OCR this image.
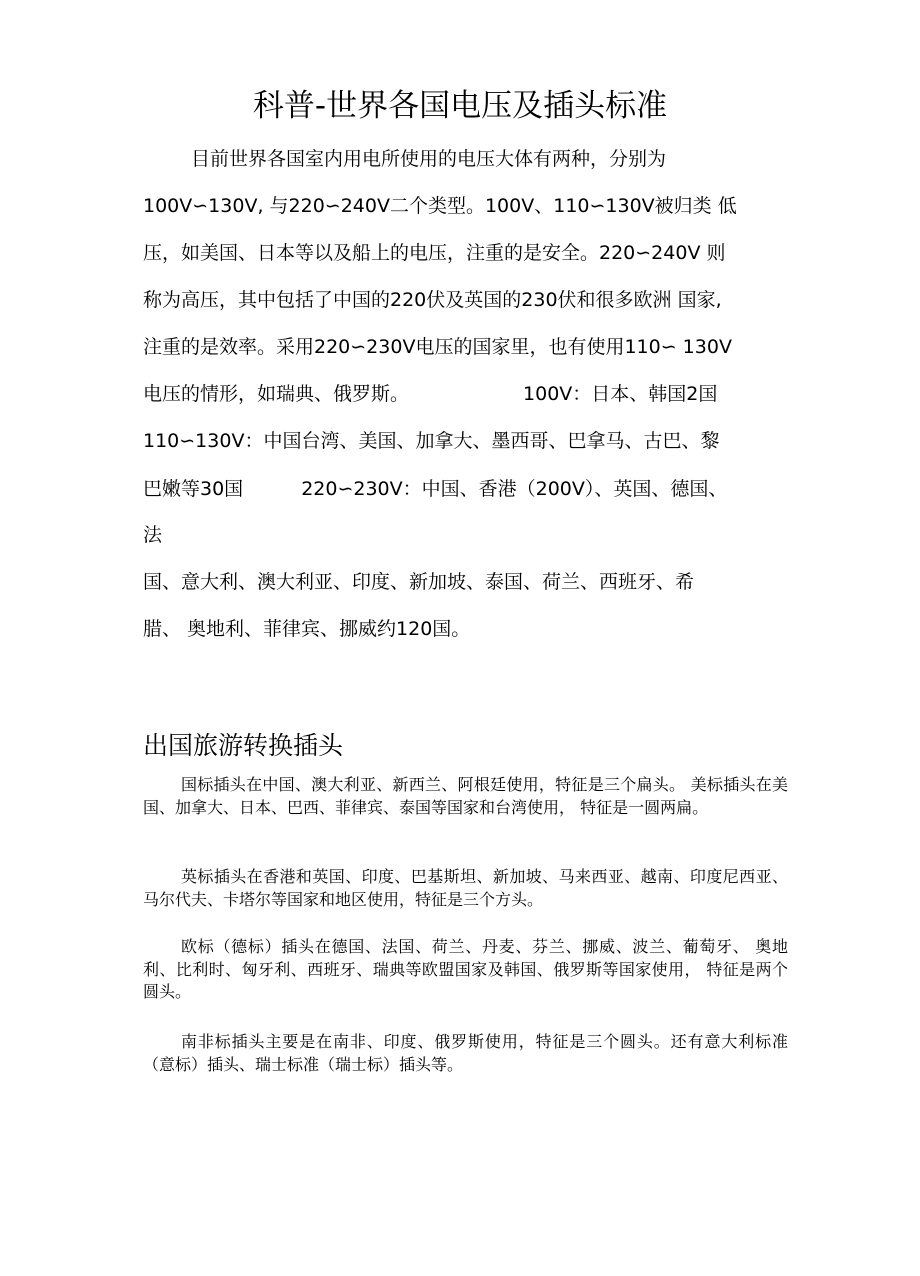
科普-世界各国电压及插头标准
目前世界各国室内用电所使用的电压大体有两种，分别为
100V∽130V, 与220∽240V二个类型。100V、110∽130V被归类 低
压，如美国、日本等以及船上的电压，注重的是安全。220∽240V 则
称为高压，其中包括了中国的220伏及英国的230伏和很多欧洲 国家,
注重的是效率。采用220∽230V电压的国家里，也有使用110∽ 130V
电压的情形，如瑞典、俄罗斯。	100V：日本、韩国2国
110∽130V：中国台湾、美国、加拿大、墨西哥、巴拿马、古巴、黎
巴嫩等30国	220∽230V：中国、香港（200V）、英国、德国、
法
国、意大利、澳大利亚、印度、新加坡、泰国、荷兰、西班牙、希
腊、 奥地利、菲律宾、挪威约120国。
出国旅游转换插头
国标插头在中国、澳大利亚、新西兰、阿根廷使用，特征是三个扁头。 美标插头在美国、加拿大、日本、巴西、菲律宾、泰国等国家和台湾使用， 特征是一圆两扁。
英标插头在香港和英国、印度、巴基斯坦、新加坡、马来西亚、越南、印度尼西亚、马尔代夫、卡塔尔等国家和地区使用，特征是三个方头。
欧标（德标）插头在德国、法国、荷兰、丹麦、芬兰、挪威、波兰、葡萄牙、 奥地利、比利时、匈牙利、西班牙、瑞典等欧盟国家及韩国、俄罗斯等国家使用， 特征是两个圆头。
南非标插头主要是在南非、印度、俄罗斯使用，特征是三个圆头。还有意大利标准（意标）插头、瑞士标准（瑞士标）插头等。
